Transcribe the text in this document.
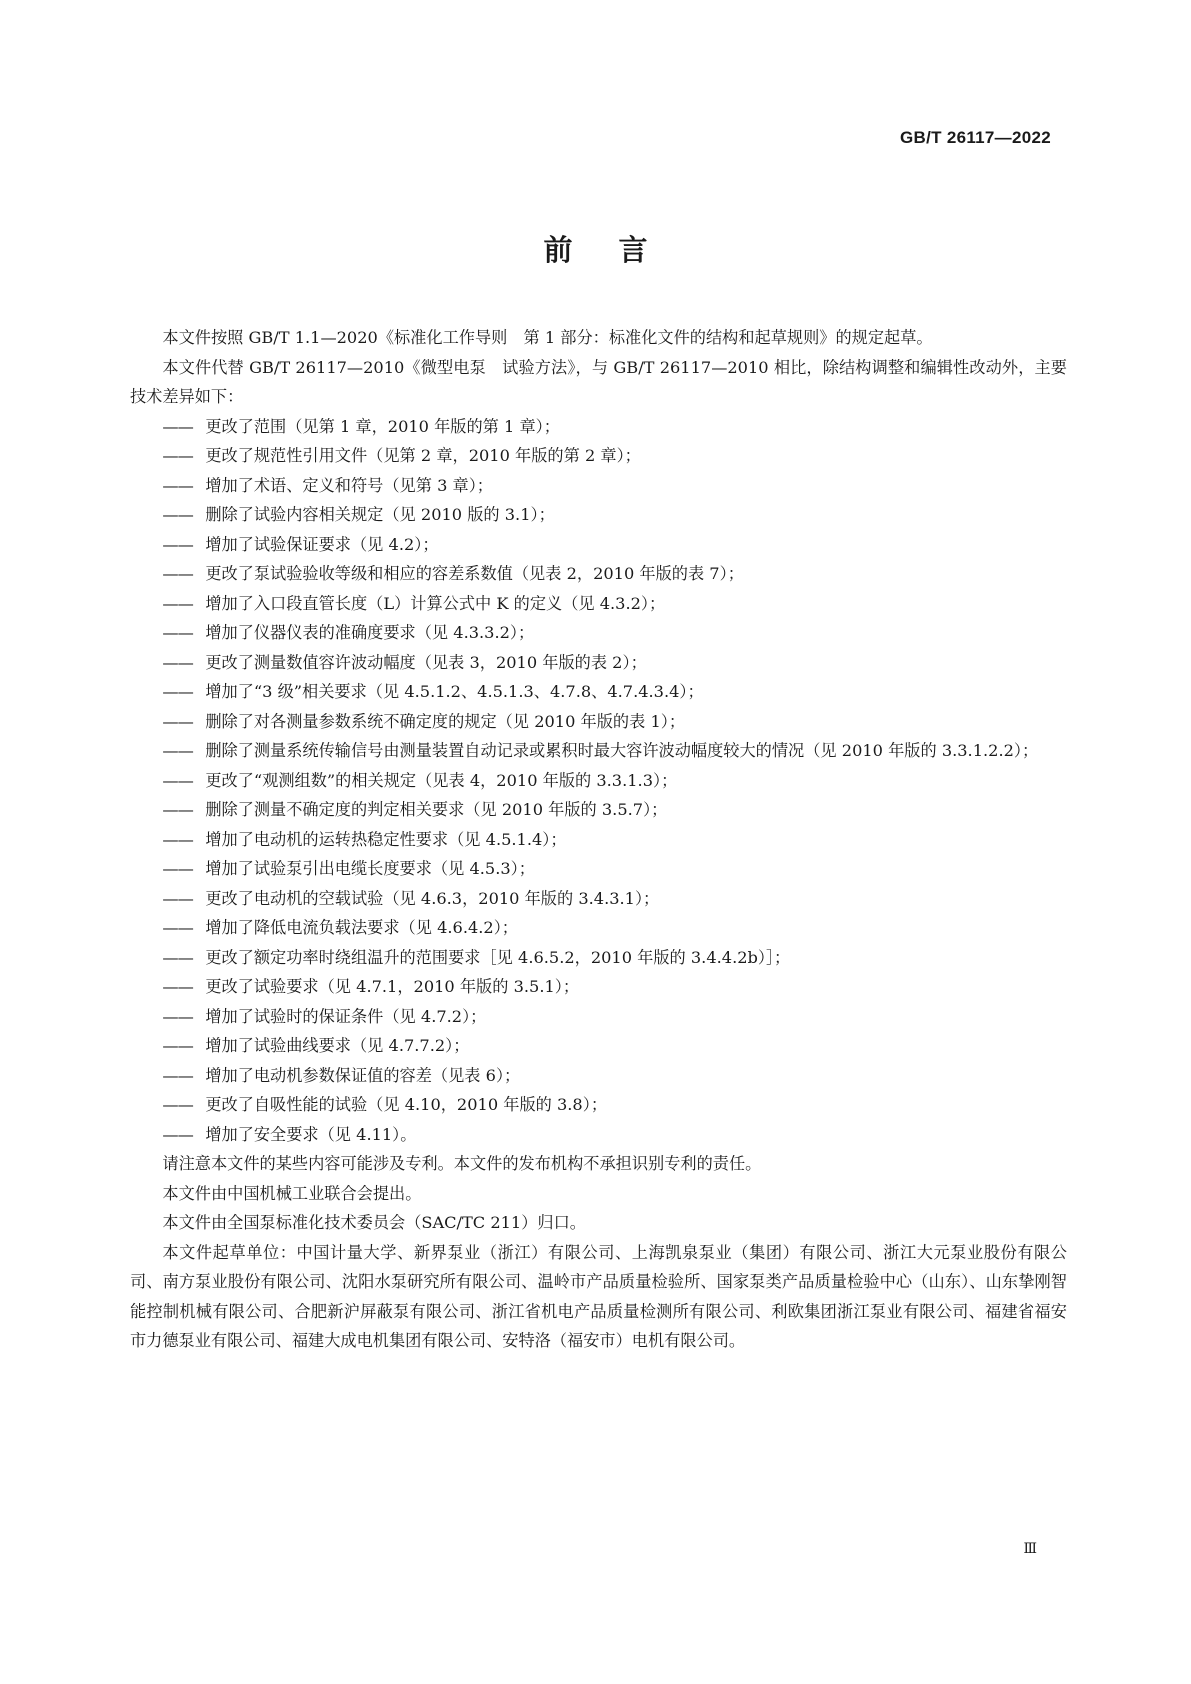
GB/T 26117—2022
前言

本文件按照 GB/T 1.1—2020《标准化工作导则　第 1 部分：标准化文件的结构和起草规则》的规定起草。

本文件代替 GB/T 26117—2010《微型电泵　试验方法》，与 GB/T 26117—2010 相比，除结构调整和编辑性改动外，主要技术差异如下：

—— 更改了范围（见第 1 章，2010 年版的第 1 章）；

—— 更改了规范性引用文件（见第 2 章，2010 年版的第 2 章）；

—— 增加了术语、定义和符号（见第 3 章）；

—— 删除了试验内容相关规定（见 2010 版的 3.1）；

—— 增加了试验保证要求（见 4.2）；

—— 更改了泵试验验收等级和相应的容差系数值（见表 2，2010 年版的表 7）；

—— 增加了入口段直管长度（L）计算公式中 K 的定义（见 4.3.2）；

—— 增加了仪器仪表的准确度要求（见 4.3.3.2）；

—— 更改了测量数值容许波动幅度（见表 3，2010 年版的表 2）；

—— 增加了“3 级”相关要求（见 4.5.1.2、4.5.1.3、4.7.8、4.7.4.3.4）；

—— 删除了对各测量参数系统不确定度的规定（见 2010 年版的表 1）；

—— 删除了测量系统传输信号由测量装置自动记录或累积时最大容许波动幅度较大的情况（见 2010 年版的 3.3.1.2.2）；

—— 更改了“观测组数”的相关规定（见表 4，2010 年版的 3.3.1.3）；

—— 删除了测量不确定度的判定相关要求（见 2010 年版的 3.5.7）；

—— 增加了电动机的运转热稳定性要求（见 4.5.1.4）；

—— 增加了试验泵引出电缆长度要求（见 4.5.3）；

—— 更改了电动机的空载试验（见 4.6.3，2010 年版的 3.4.3.1）；

—— 增加了降低电流负载法要求（见 4.6.4.2）；

—— 更改了额定功率时绕组温升的范围要求［见 4.6.5.2，2010 年版的 3.4.4.2b）］；

—— 更改了试验要求（见 4.7.1，2010 年版的 3.5.1）；

—— 增加了试验时的保证条件（见 4.7.2）；

—— 增加了试验曲线要求（见 4.7.7.2）；

—— 增加了电动机参数保证值的容差（见表 6）；

—— 更改了自吸性能的试验（见 4.10，2010 年版的 3.8）；

—— 增加了安全要求（见 4.11）。

请注意本文件的某些内容可能涉及专利。本文件的发布机构不承担识别专利的责任。

本文件由中国机械工业联合会提出。

本文件由全国泵标准化技术委员会（SAC/TC 211）归口。

本文件起草单位：中国计量大学、新界泵业（浙江）有限公司、上海凯泉泵业（集团）有限公司、浙江大元泵业股份有限公司、南方泵业股份有限公司、沈阳水泵研究所有限公司、温岭市产品质量检验所、国家泵类产品质量检验中心（山东）、山东挚刚智能控制机械有限公司、合肥新沪屏蔽泵有限公司、浙江省机电产品质量检测所有限公司、利欧集团浙江泵业有限公司、福建省福安市力德泵业有限公司、福建大成电机集团有限公司、安特洛（福安市）电机有限公司。

Ⅲ
